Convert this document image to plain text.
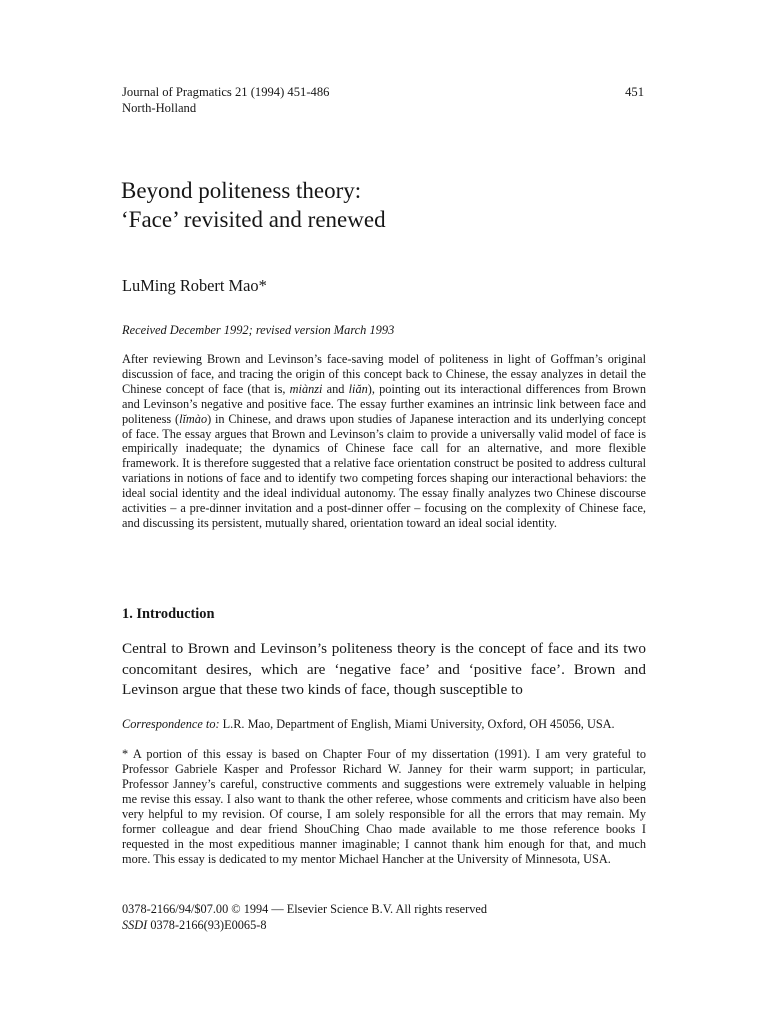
Journal of Pragmatics 21 (1994) 451-486
North-Holland
451
Beyond politeness theory:
‘Face’ revisited and renewed
LuMing Robert Mao*
Received December 1992; revised version March 1993

After reviewing Brown and Levinson’s face-saving model of politeness in light of Goffman’s original discussion of face, and tracing the origin of this concept back to Chinese, the essay analyzes in detail the Chinese concept of face (that is, miànzi and liăn), pointing out its interactional differences from Brown and Levinson’s negative and positive face. The essay further examines an intrinsic link between face and politeness (lĭmào) in Chinese, and draws upon studies of Japanese interaction and its underlying concept of face. The essay argues that Brown and Levinson’s claim to provide a universally valid model of face is empirically inadequate; the dynamics of Chinese face call for an alternative, and more flexible framework. It is therefore suggested that a relative face orientation construct be posited to address cultural variations in notions of face and to identify two competing forces shaping our interactional behaviors: the ideal social identity and the ideal individual autonomy. The essay finally analyzes two Chinese discourse activities – a pre-dinner invitation and a post-dinner offer – focusing on the complexity of Chinese face, and discussing its persistent, mutually shared, orientation toward an ideal social identity.

1. Introduction

Central to Brown and Levinson’s politeness theory is the concept of face and its two concomitant desires, which are ‘negative face’ and ‘positive face’. Brown and Levinson argue that these two kinds of face, though susceptible to

Correspondence to: L.R. Mao, Department of English, Miami University, Oxford, OH 45056, USA.

* A portion of this essay is based on Chapter Four of my dissertation (1991). I am very grateful to Professor Gabriele Kasper and Professor Richard W. Janney for their warm support; in particular, Professor Janney’s careful, constructive comments and suggestions were extremely valuable in helping me revise this essay. I also want to thank the other referee, whose comments and criticism have also been very helpful to my revision. Of course, I am solely responsible for all the errors that may remain. My former colleague and dear friend ShouChing Chao made available to me those reference books I requested in the most expeditious manner imaginable; I cannot thank him enough for that, and much more. This essay is dedicated to my mentor Michael Hancher at the University of Minnesota, USA.

0378-2166/94/$07.00 © 1994 — Elsevier Science B.V. All rights reserved
SSDI 0378-2166(93)E0065-8
